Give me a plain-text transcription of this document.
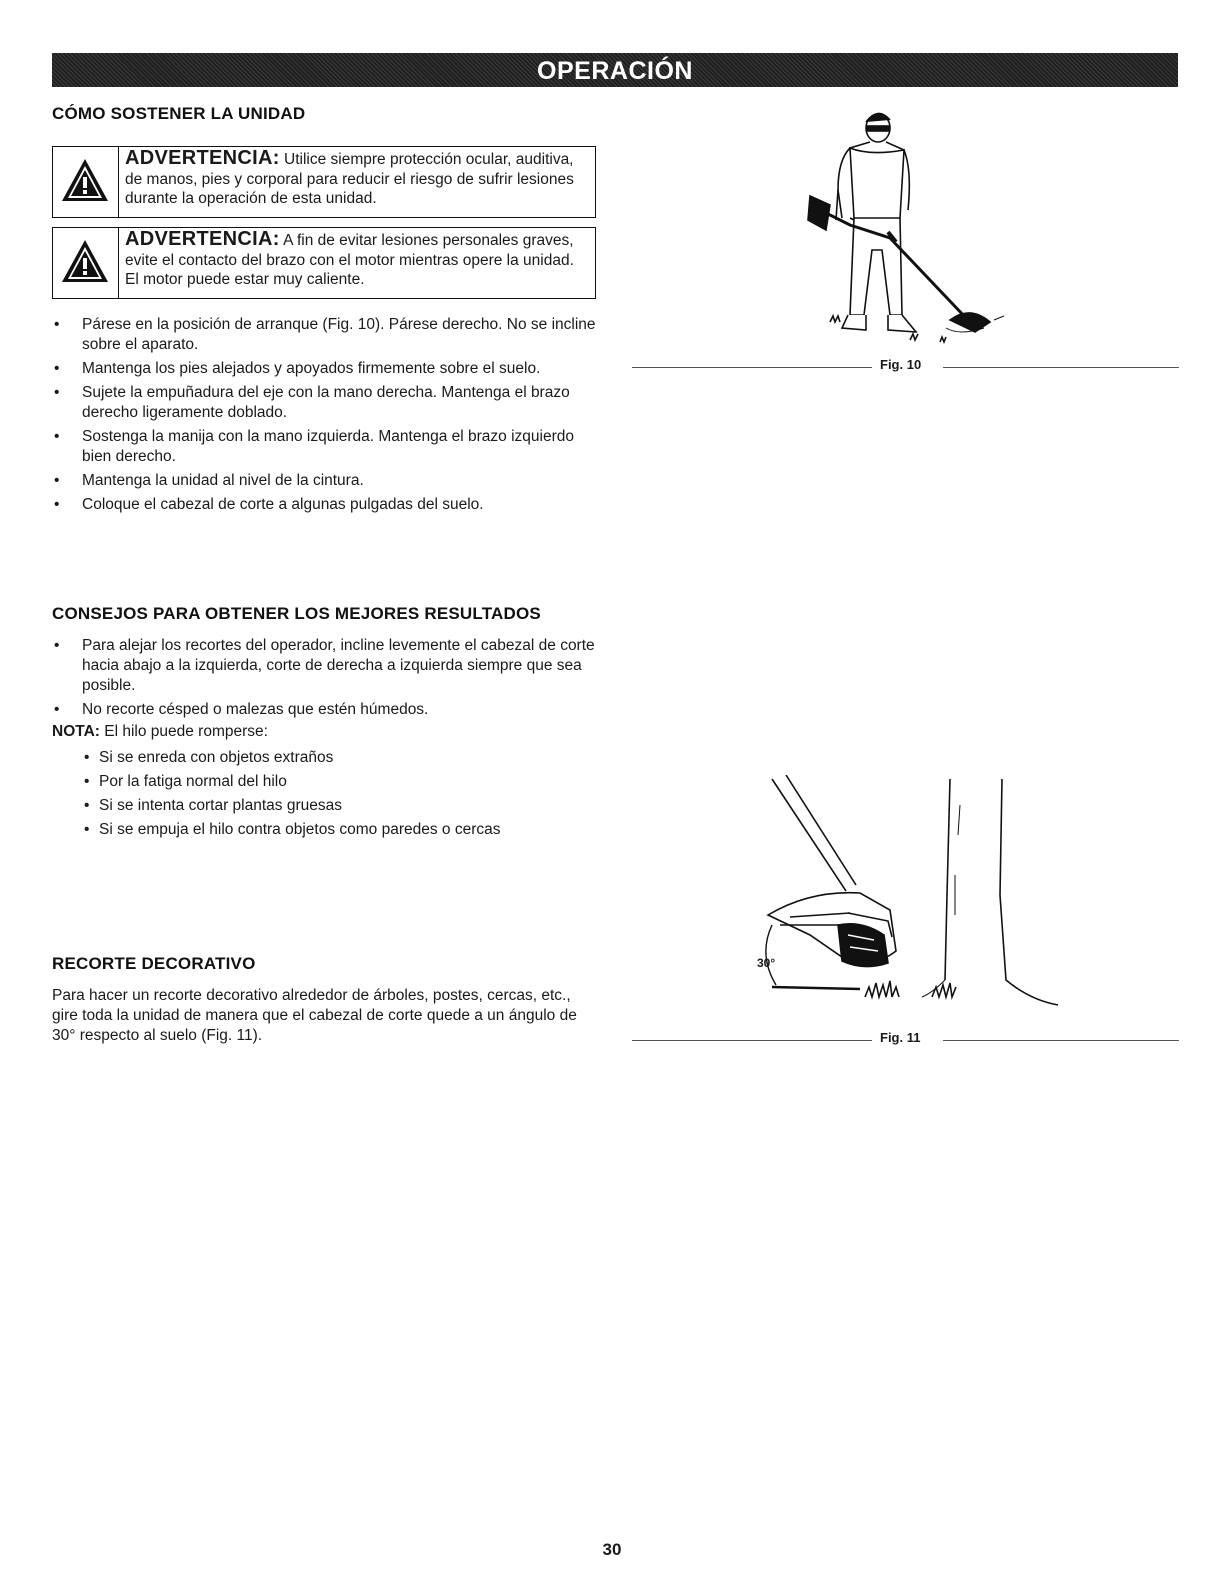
OPERACIÓN
CÓMO SOSTENER LA UNIDAD
ADVERTENCIA: Utilice siempre protección ocular, auditiva, de manos, pies y corporal para reducir el riesgo de sufrir lesiones durante la operación de esta unidad.
ADVERTENCIA: A fin de evitar lesiones personales graves, evite el contacto del brazo con el motor mientras opere la unidad. El motor puede estar muy caliente.
• Párese en la posición de arranque (Fig. 10). Párese derecho. No se incline sobre el aparato.
• Mantenga los pies alejados y apoyados firmemente sobre el suelo.
• Sujete la empuñadura del eje con la mano derecha. Mantenga el brazo derecho ligeramente doblado.
• Sostenga la manija con la mano izquierda. Mantenga el brazo izquierdo bien derecho.
• Mantenga la unidad al nivel de la cintura.
• Coloque el cabezal de corte a algunas pulgadas del suelo.
Fig. 10
CONSEJOS PARA OBTENER LOS MEJORES RESULTADOS
• Para alejar los recortes del operador, incline levemente el cabezal de corte hacia abajo a la izquierda, corte de derecha a izquierda siempre que sea posible.
• No recorte césped o malezas que estén húmedos.
NOTA: El hilo puede romperse:
• Si se enreda con objetos extraños
• Por la fatiga normal del hilo
• Si se intenta cortar plantas gruesas
• Si se empuja el hilo contra objetos como paredes o cercas
RECORTE DECORATIVO
Para hacer un recorte decorativo alrededor de árboles, postes, cercas, etc., gire toda la unidad de manera que el cabezal de corte quede a un ángulo de 30° respecto al suelo (Fig. 11).
30°
Fig. 11
30
